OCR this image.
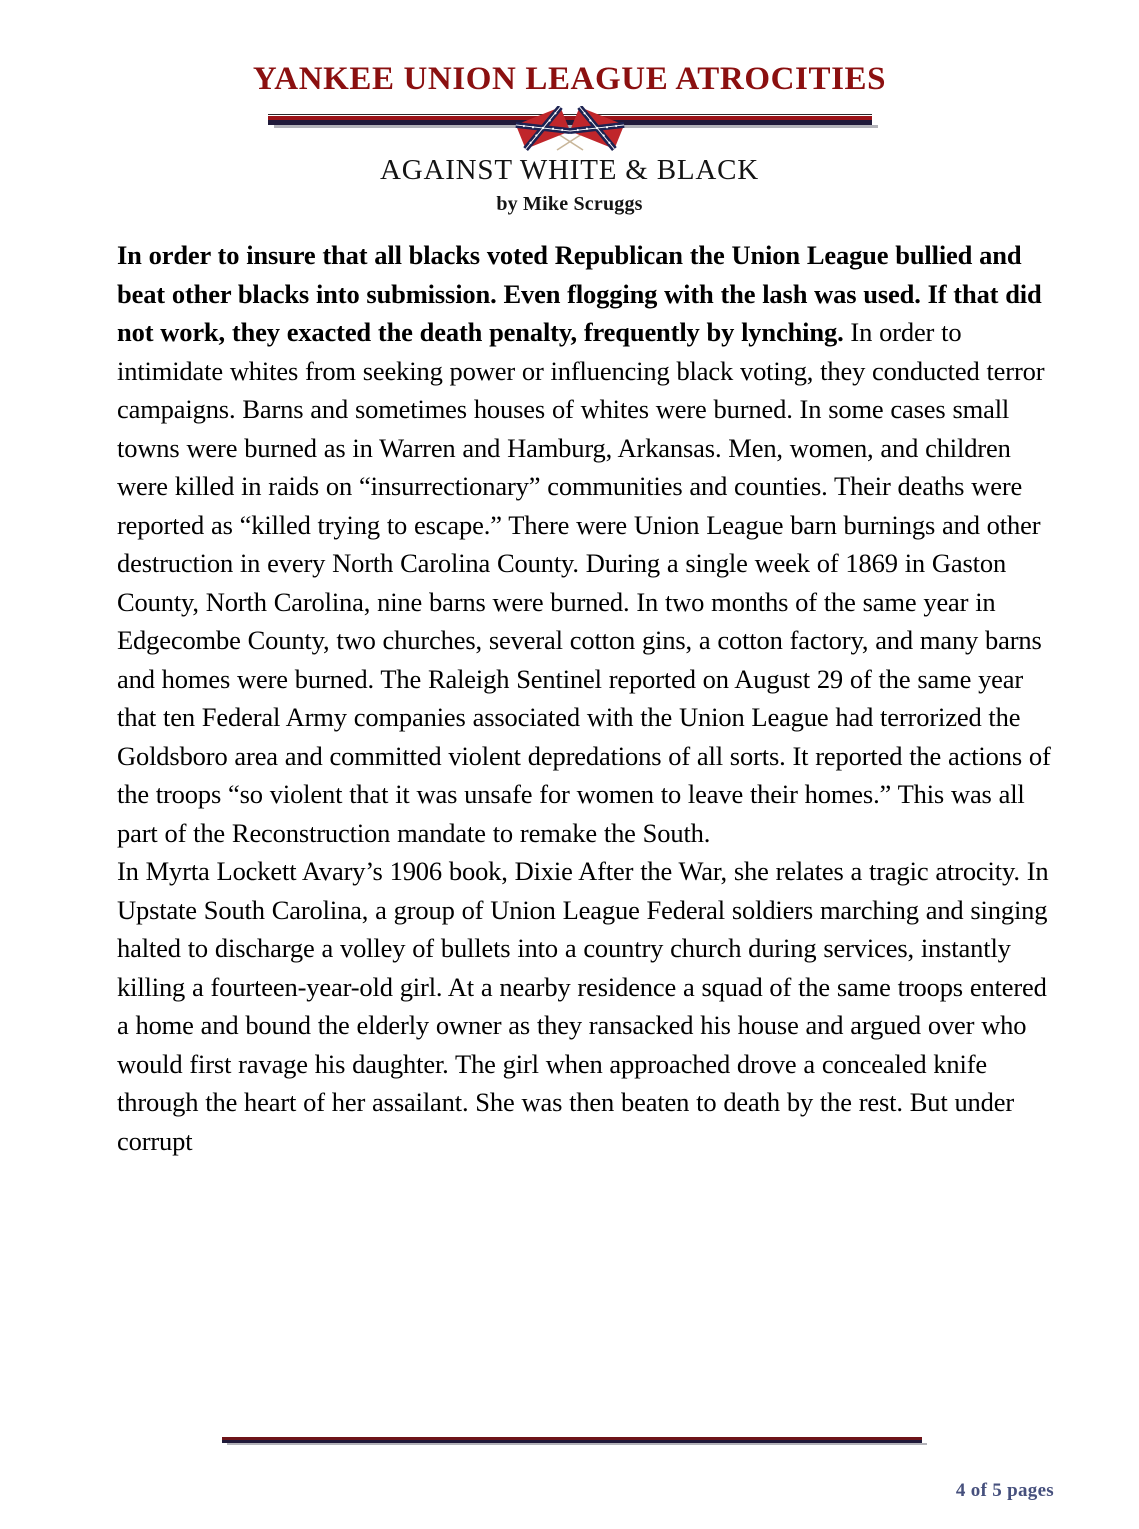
YANKEE UNION LEAGUE ATROCITIES
AGAINST WHITE & BLACK
by Mike Scruggs

In order to insure that all blacks voted Republican the Union League bullied and beat other blacks into submission. Even flogging with the lash was used. If that did not work, they exacted the death penalty, frequently by lynching. In order to intimidate whites from seeking power or influencing black voting, they conducted terror campaigns. Barns and sometimes houses of whites were burned. In some cases small towns were burned as in Warren and Hamburg, Arkansas. Men, women, and children were killed in raids on “insurrectionary” communities and counties. Their deaths were reported as “killed trying to escape.” There were Union League barn burnings and other destruction in every North Carolina County. During a single week of 1869 in Gaston County, North Carolina, nine barns were burned. In two months of the same year in Edgecombe County, two churches, several cotton gins, a cotton factory, and many barns and homes were burned. The Raleigh Sentinel reported on August 29 of the same year that ten Federal Army companies associated with the Union League had terrorized the Goldsboro area and committed violent depredations of all sorts. It reported the actions of the troops “so violent that it was unsafe for women to leave their homes.” This was all part of the Reconstruction mandate to remake the South.

In Myrta Lockett Avary’s 1906 book, Dixie After the War, she relates a tragic atrocity. In Upstate South Carolina, a group of Union League Federal soldiers marching and singing halted to discharge a volley of bullets into a country church during services, instantly killing a fourteen-year-old girl. At a nearby residence a squad of the same troops entered a home and bound the elderly owner as they ransacked his house and argued over who would first ravage his daughter. The girl when approached drove a concealed knife through the heart of her assailant. She was then beaten to death by the rest. But under corrupt

4 of 5 pages
